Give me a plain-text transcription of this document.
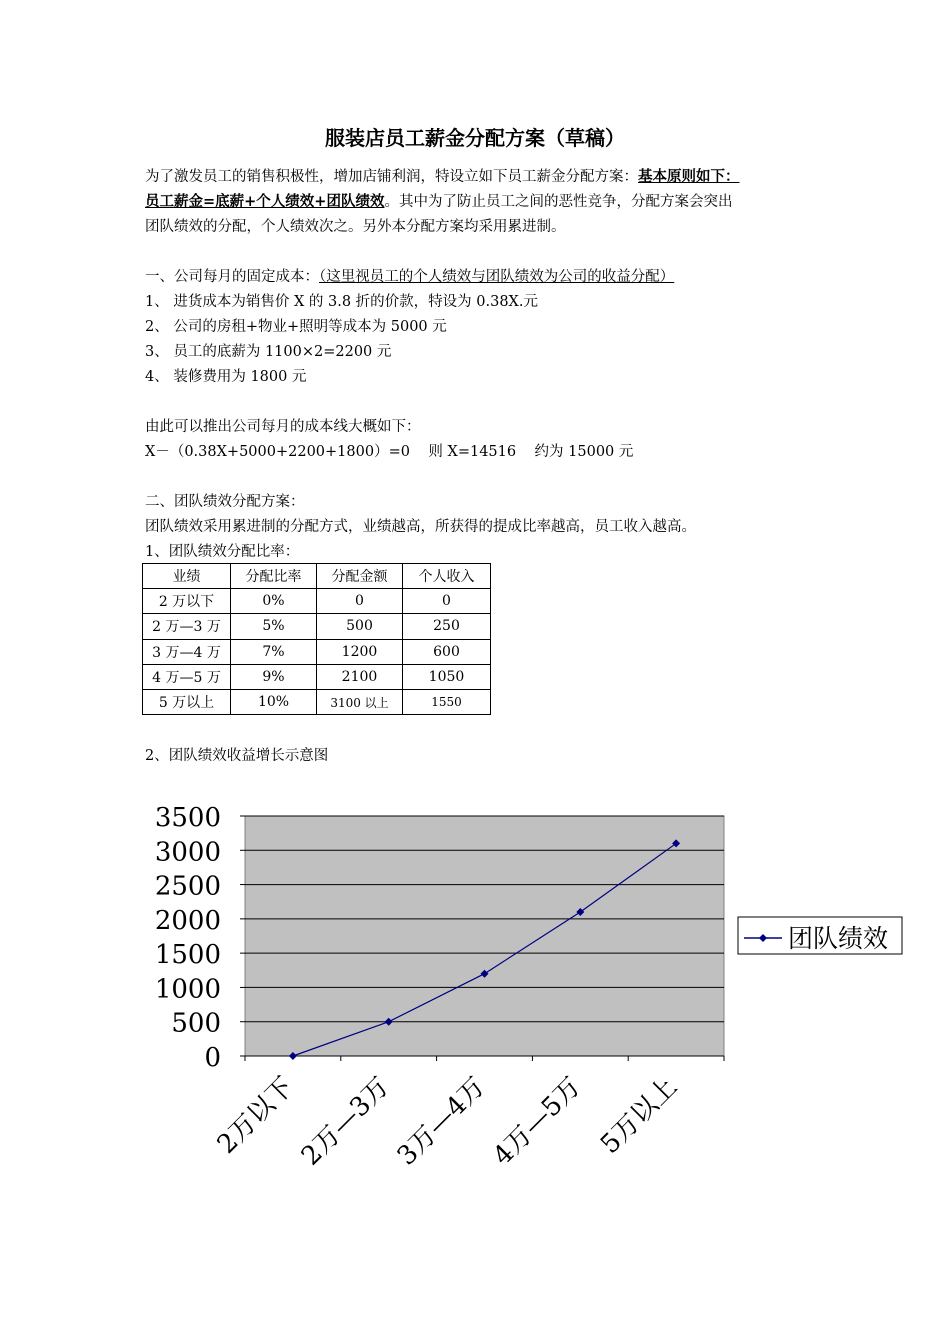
服装店员工薪金分配方案（草稿）
为了激发员工的销售积极性，增加店铺利润，特设立如下员工薪金分配方案：基本原则如下：
员工薪金=底薪+个人绩效+团队绩效。其中为了防止员工之间的恶性竞争，分配方案会突出
团队绩效的分配，个人绩效次之。另外本分配方案均采用累进制。
一、公司每月的固定成本：（这里视员工的个人绩效与团队绩效为公司的收益分配）
1、 进货成本为销售价 X 的 3.8 折的价款，特设为 0.38X.元
2、 公司的房租+物业+照明等成本为 5000 元
3、 员工的底薪为 1100×2=2200 元
4、 装修费用为 1800 元
由此可以推出公司每月的成本线大概如下：
X－（0.38X+5000+2200+1800）=0    则 X=14516    约为 15000 元
二、团队绩效分配方案：
团队绩效采用累进制的分配方式，业绩越高，所获得的提成比率越高，员工收入越高。
1、团队绩效分配比率：
业绩	分配比率	分配金额	个人收入
2 万以下	0%	0	0
2 万—3 万	5%	500	250
3 万—4 万	7%	1200	600
4 万—5 万	9%	2100	1050
5 万以上	10%	3100 以上	1550
2、团队绩效收益增长示意图
0
500
1000
1500
2000
2500
3000
3500
2万以下
2万—3万
3万—4万
4万—5万 5万以上
团队绩效
